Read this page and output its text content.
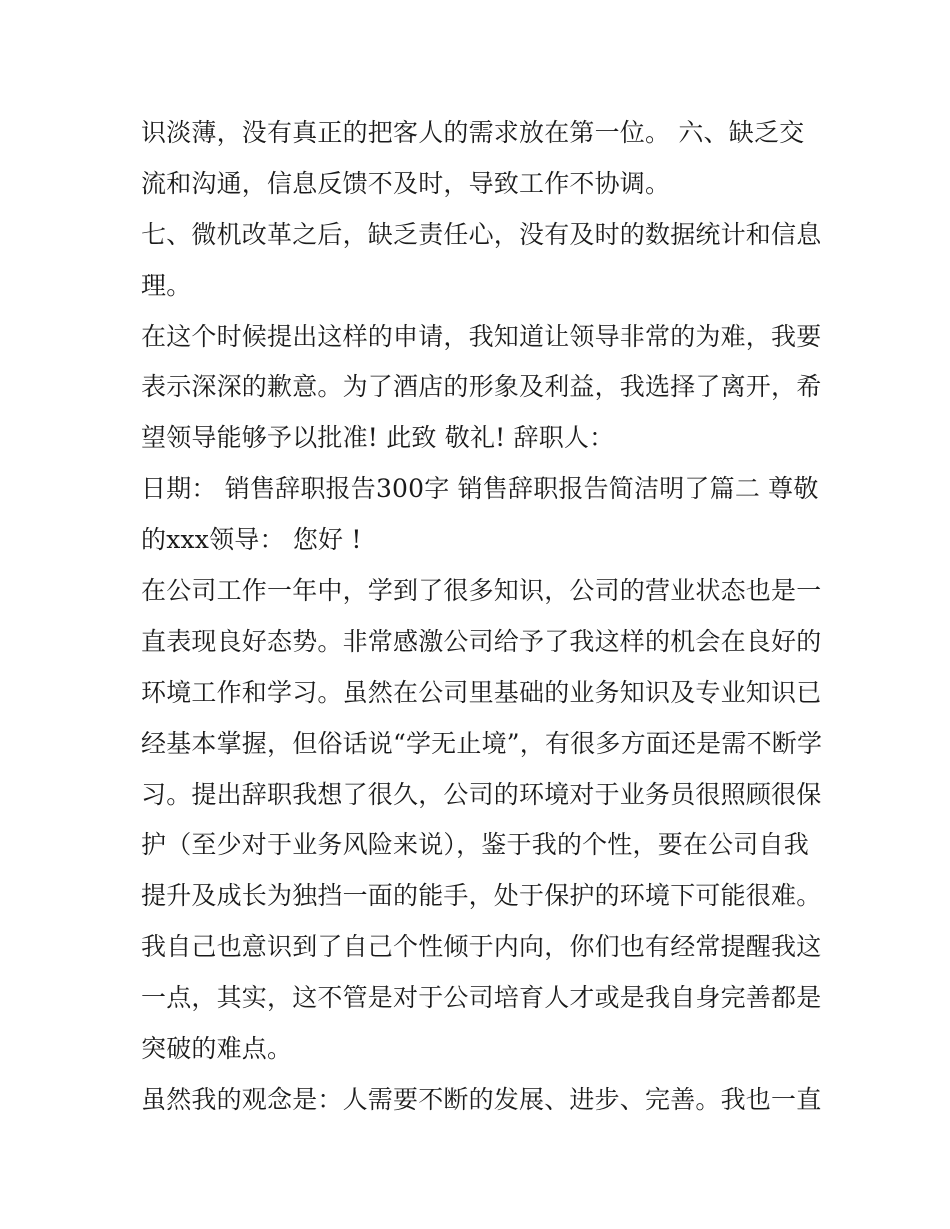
识淡薄，没有真正的把客人的需求放在第一位。 六、缺乏交
流和沟通，信息反馈不及时，导致工作不协调。
七、微机改革之后，缺乏责任心，没有及时的数据统计和信息
理。
在这个时候提出这样的申请，我知道让领导非常的为难，我要
表示深深的歉意。为了酒店的形象及利益，我选择了离开，希
望领导能够予以批准! 此致 敬礼! 辞职人：
日期： 销售辞职报告300字 销售辞职报告简洁明了篇二 尊敬
的xxx领导： 您好 !
在公司工作一年中，学到了很多知识，公司的营业状态也是一
直表现良好态势。非常感激公司给予了我这样的机会在良好的
环境工作和学习。虽然在公司里基础的业务知识及专业知识已
经基本掌握，但俗话说“学无止境”，有很多方面还是需不断学
习。提出辞职我想了很久，公司的环境对于业务员很照顾很保
护（至少对于业务风险来说），鉴于我的个性，要在公司自我
提升及成长为独挡一面的能手，处于保护的环境下可能很难。
我自己也意识到了自己个性倾于内向，你们也有经常提醒我这
一点，其实，这不管是对于公司培育人才或是我自身完善都是
突破的难点。
虽然我的观念是：人需要不断的发展、进步、完善。我也一直
